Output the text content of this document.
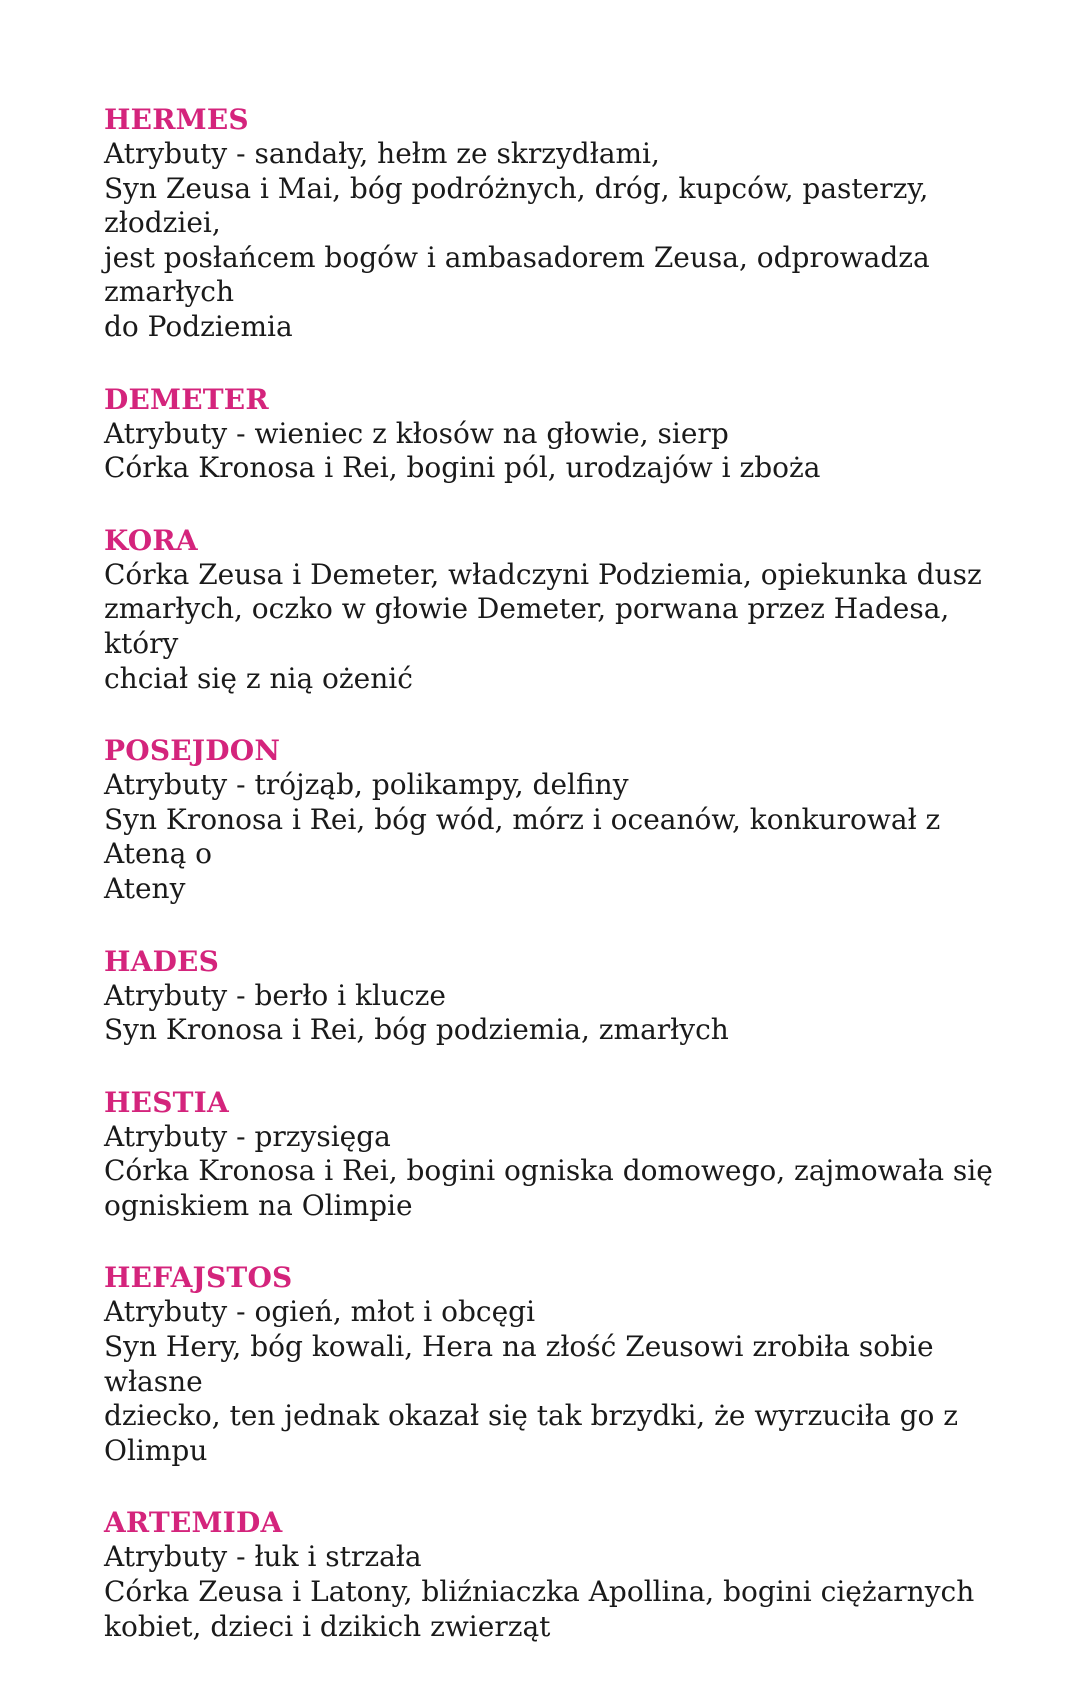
HERMES

Atrybuty - sandały, hełm ze skrzydłami,

Syn Zeusa i Mai, bóg podróżnych, dróg, kupców, pasterzy, złodziei,

jest posłańcem bogów i ambasadorem Zeusa, odprowadza zmarłych

do Podziemia

DEMETER

Atrybuty - wieniec z kłosów na głowie, sierp

Córka Kronosa i Rei, bogini pól, urodzajów i zboża

KORA

Córka Zeusa i Demeter, władczyni Podziemia, opiekunka dusz

zmarłych, oczko w głowie Demeter, porwana przez Hadesa, który

chciał się z nią ożenić

POSEJDON

Atrybuty - trójząb, polikampy, delfiny

Syn Kronosa i Rei, bóg wód, mórz i oceanów, konkurował z Ateną o

Ateny

HADES

Atrybuty - berło i klucze

Syn Kronosa i Rei, bóg podziemia, zmarłych

HESTIA

Atrybuty - przysięga

Córka Kronosa i Rei, bogini ogniska domowego, zajmowała się

ogniskiem na Olimpie

HEFAJSTOS

Atrybuty - ogień, młot i obcęgi

Syn Hery, bóg kowali, Hera na złość Zeusowi zrobiła sobie własne

dziecko, ten jednak okazał się tak brzydki, że wyrzuciła go z Olimpu

ARTEMIDA

Atrybuty - łuk i strzała

Córka Zeusa i Latony, bliźniaczka Apollina, bogini ciężarnych

kobiet, dzieci i dzikich zwierząt
